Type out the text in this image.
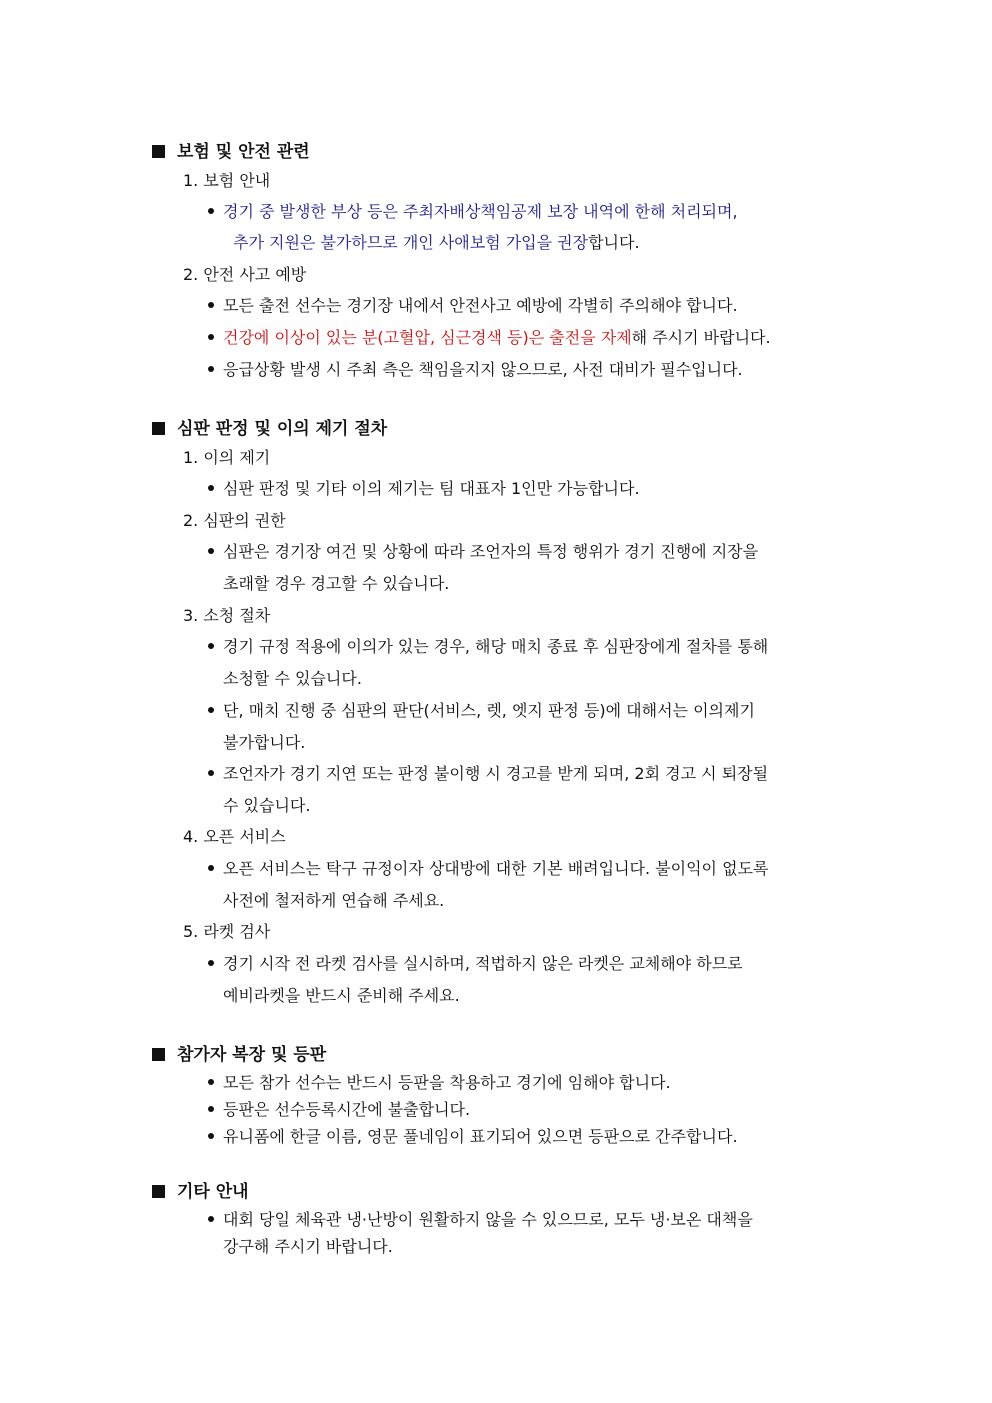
보험 및 안전 관련
1. 보험 안내
경기 중 발생한 부상 등은 주최자배상책임공제 보장 내역에 한해 처리되며,
추가 지원은 불가하므로 개인 사애보험 가입을 권장합니다.
2. 안전 사고 예방
모든 출전 선수는 경기장 내에서 안전사고 예방에 각별히 주의해야 합니다.
건강에 이상이 있는 분(고혈압, 심근경색 등)은 출전을 자제해 주시기 바랍니다.
응급상황 발생 시 주최 측은 책임을지지 않으므로, 사전 대비가 필수입니다.
심판 판정 및 이의 제기 절차
1. 이의 제기
심판 판정 및 기타 이의 제기는 팀 대표자 1인만 가능합니다.
2. 심판의 권한
심판은 경기장 여건 및 상황에 따라 조언자의 특정 행위가 경기 진행에 지장을
초래할 경우 경고할 수 있습니다.
3. 소청 절차
경기 규정 적용에 이의가 있는 경우, 해당 매치 종료 후 심판장에게 절차를 통해
소청할 수 있습니다.
단, 매치 진행 중 심판의 판단(서비스, 렛, 엣지 판정 등)에 대해서는 이의제기
불가합니다.
조언자가 경기 지연 또는 판정 불이행 시 경고를 받게 되며, 2회 경고 시 퇴장될
수 있습니다.
4. 오픈 서비스
오픈 서비스는 탁구 규정이자 상대방에 대한 기본 배려입니다. 불이익이 없도록
사전에 철저하게 연습해 주세요.
5. 라켓 검사
경기 시작 전 라켓 검사를 실시하며, 적법하지 않은 라켓은 교체해야 하므로
예비라켓을 반드시 준비해 주세요.
참가자 복장 및 등판
모든 참가 선수는 반드시 등판을 착용하고 경기에 임해야 합니다.
등판은 선수등록시간에 불출합니다.
유니폼에 한글 이름, 영문 풀네임이 표기되어 있으면 등판으로 간주합니다.
기타 안내
대회 당일 체육관 냉·난방이 원활하지 않을 수 있으므로, 모두 냉·보온 대책을
강구해 주시기 바랍니다.
